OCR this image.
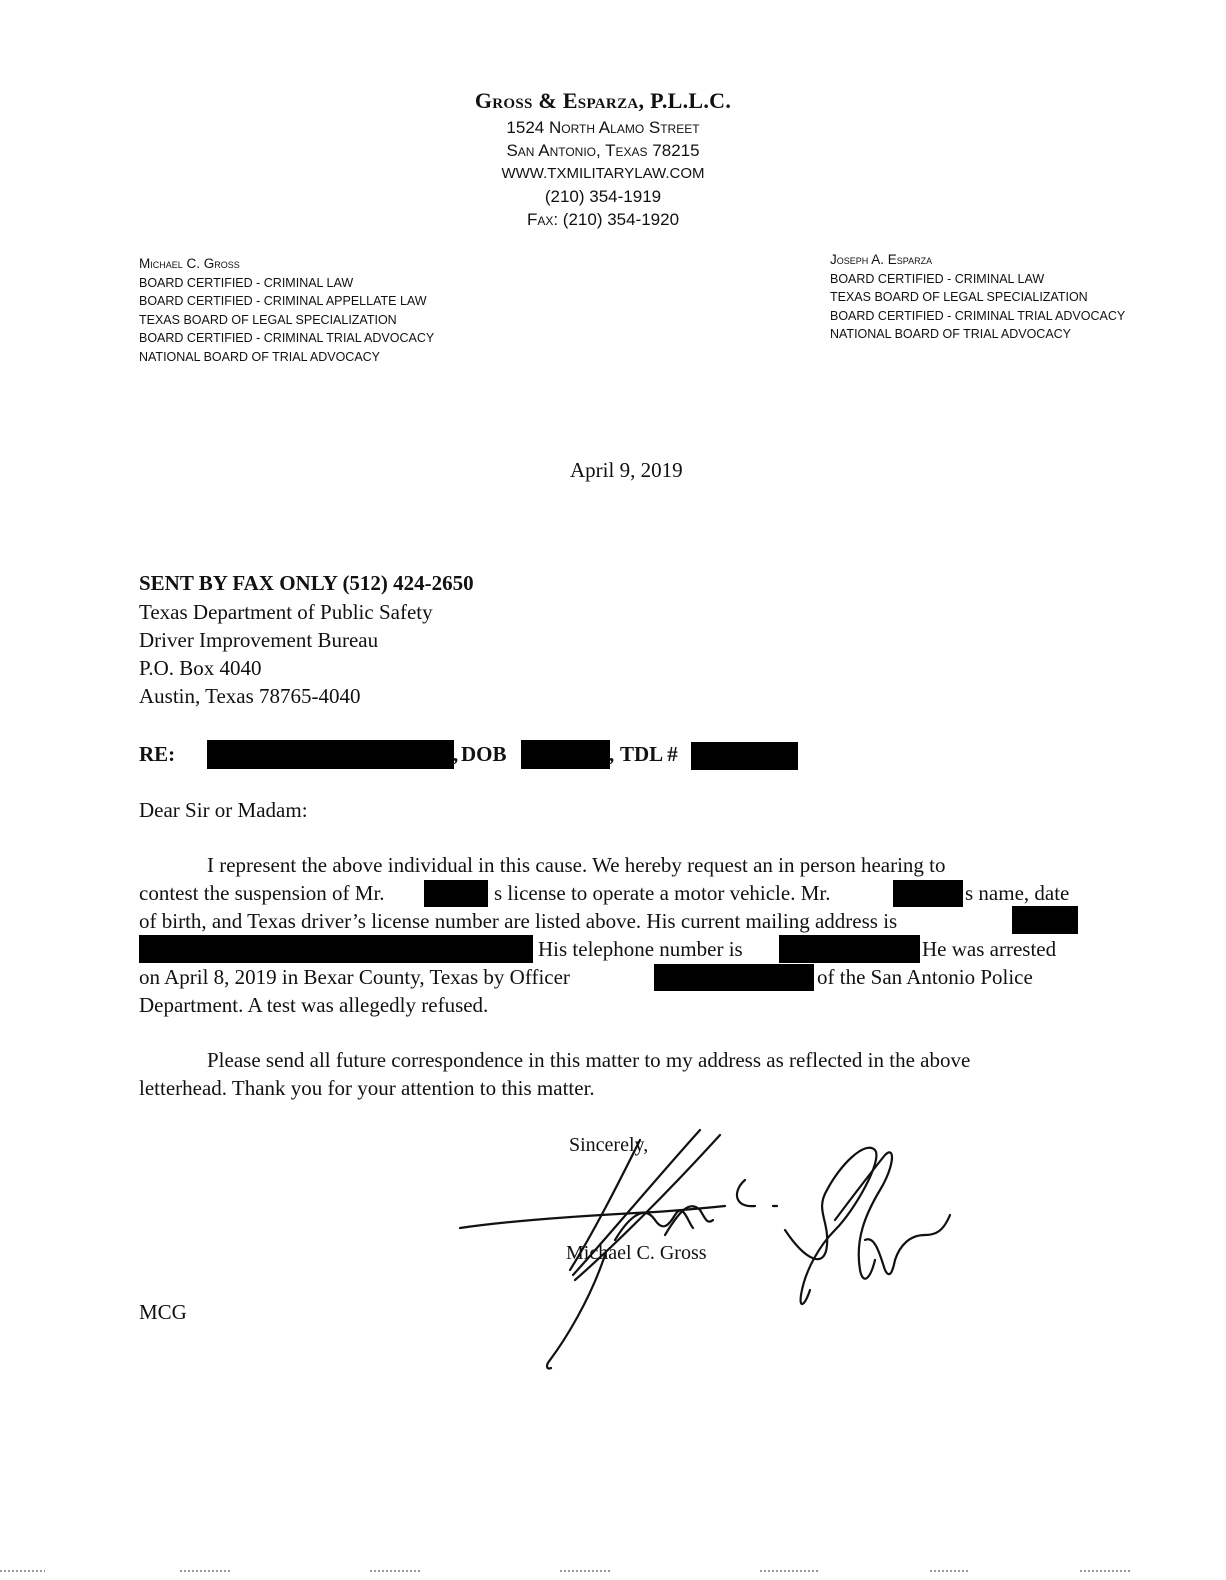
Gross & Esparza, P.L.L.C.
1524 North Alamo Street
San Antonio, Texas 78215
WWW.TXMILITARYLAW.COM
(210) 354-1919
Fax: (210) 354-1920
Michael C. Gross
BOARD CERTIFIED - CRIMINAL LAW
BOARD CERTIFIED - CRIMINAL APPELLATE LAW
TEXAS BOARD OF LEGAL SPECIALIZATION
BOARD CERTIFIED - CRIMINAL TRIAL ADVOCACY
NATIONAL BOARD OF TRIAL ADVOCACY
Joseph A. Esparza
BOARD CERTIFIED - CRIMINAL LAW
TEXAS BOARD OF LEGAL SPECIALIZATION
BOARD CERTIFIED - CRIMINAL TRIAL ADVOCACY
NATIONAL BOARD OF TRIAL ADVOCACY
April 9, 2019
SENT BY FAX ONLY (512) 424-2650
Texas Department of Public Safety
Driver Improvement Bureau
P.O. Box 4040
Austin, Texas 78765-4040
RE:	, DOB	, TDL #
Dear Sir or Madam:
I represent the above individual in this cause. We hereby request an in person hearing to
contest the suspension of Mr.	s license to operate a motor vehicle. Mr.	s name, date
of birth, and Texas driver’s license number are listed above. His current mailing address is
His telephone number is	He was arrested
on April 8, 2019 in Bexar County, Texas by Officer	of the San Antonio Police
Department. A test was allegedly refused.
Please send all future correspondence in this matter to my address as reflected in the above
letterhead. Thank you for your attention to this matter.
Sincerely,
Michael C. Gross
MCG
